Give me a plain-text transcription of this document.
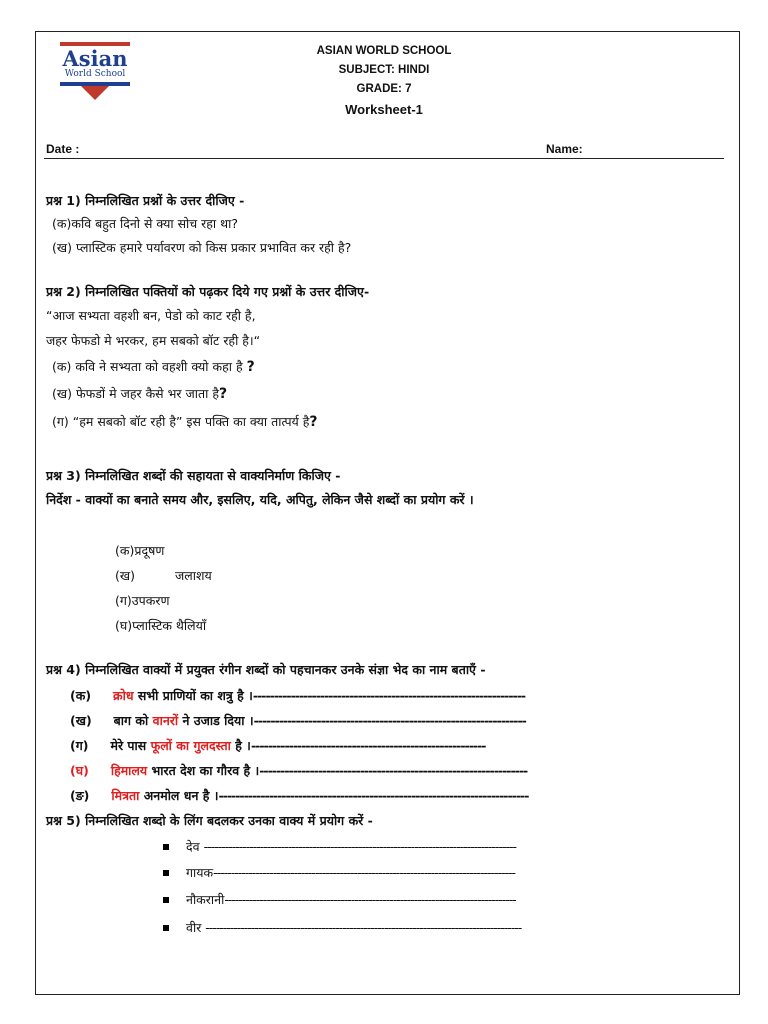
Asian
World School
ASIAN WORLD SCHOOL
SUBJECT: HINDI
GRADE: 7
Worksheet-1
Date :	Name:
प्रश्न 1) निम्नलिखित प्रश्नों के उत्तर दीजिए -
(क)कवि बहुत दिनो से क्या सोच रहा था?
(ख) प्लास्टिक हमारे पर्यावरण को किस प्रकार प्रभावित कर रही है?
प्रश्न 2) निम्नलिखित पक्तियों को पढ़कर दिये गए प्रश्नों के उत्तर दीजिए-
“आज सभ्यता वहशी बन, पेडो को काट रही है,
जहर फेफडो मे भरकर, हम सबको बॉट रही है।“
(क) कवि ने सभ्यता को वहशी क्यो कहा है ?
(ख) फेफडों मे जहर कैसे भर जाता है?
(ग) “हम सबको बॉट रही है” इस पक्ति का क्या तात्पर्य है?
प्रश्न 3) निम्नलिखित शब्दों की सहायता से वाक्यनिर्माण किजिए -
निर्देश - वाक्यों का बनाते समय और, इसलिए, यदि, अपितु, लेकिन जैसे शब्दों का प्रयोग करें ।
(क)प्रदूषण
(ख)	जलाशय
(ग)उपकरण
(घ)प्लास्टिक थैलियाँ
प्रश्न 4) निम्नलिखित वाक्यों में प्रयुक्त रंगीन शब्दों को पहचानकर उनके संज्ञा भेद का नाम बताएँ -
(क) क्रोध सभी प्राणियों का शत्रु है ।-----------------------------------------------------------------
(ख) बाग को वानरों ने उजाड दिया ।-----------------------------------------------------------------
(ग) मेरे पास फूलों का गुलदस्ता है ।--------------------------------------------------------
(घ) हिमालय भारत देश का गौरव है ।----------------------------------------------------------------
(ङ) मित्रता अनमोल धन है ।--------------------------------------------------------------------------
प्रश्न 5) निम्नलिखित शब्दो के लिंग बदलकर उनका वाक्य में प्रयोग करें -
देव -----------------------------------------------------------------------------------------
गायक--------------------------------------------------------------------------------------
नौकरानी-----------------------------------------------------------------------------------
वीर ------------------------------------------------------------------------------------------
